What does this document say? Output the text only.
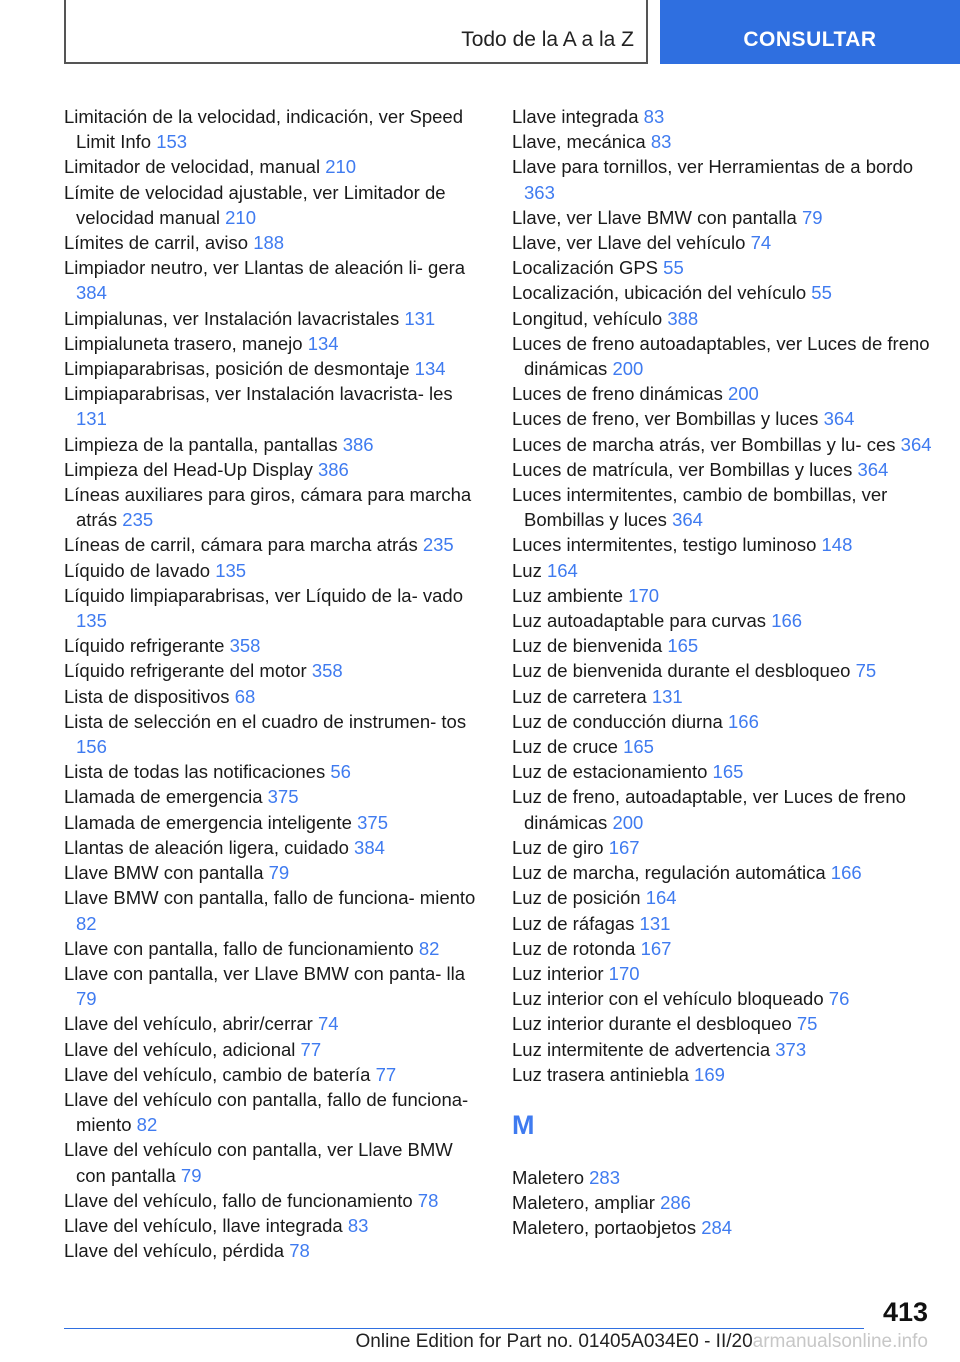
Todo de la A a la Z	CONSULTAR
Limitación de la velocidad, indicación, ver Speed Limit Info 153
Limitador de velocidad, manual 210
Límite de velocidad ajustable, ver Limitador de velocidad manual 210
Límites de carril, aviso 188
Limpiador neutro, ver Llantas de aleación li- gera 384
Limpialunas, ver Instalación lavacristales 131
Limpialuneta trasero, manejo 134
Limpiaparabrisas, posición de desmontaje 134
Limpiaparabrisas, ver Instalación lavacrista- les 131
Limpieza de la pantalla, pantallas 386
Limpieza del Head-Up Display 386
Líneas auxiliares para giros, cámara para marcha atrás 235
Líneas de carril, cámara para marcha atrás 235
Líquido de lavado 135
Líquido limpiaparabrisas, ver Líquido de la- vado 135
Líquido refrigerante 358
Líquido refrigerante del motor 358
Lista de dispositivos 68
Lista de selección en el cuadro de instrumen- tos 156
Lista de todas las notificaciones 56
Llamada de emergencia 375
Llamada de emergencia inteligente 375
Llantas de aleación ligera, cuidado 384
Llave BMW con pantalla 79
Llave BMW con pantalla, fallo de funciona- miento 82
Llave con pantalla, fallo de funcionamiento 82
Llave con pantalla, ver Llave BMW con panta- lla 79
Llave del vehículo, abrir/cerrar 74
Llave del vehículo, adicional 77
Llave del vehículo, cambio de batería 77
Llave del vehículo con pantalla, fallo de funciona- miento 82
Llave del vehículo con pantalla, ver Llave BMW con pantalla 79
Llave del vehículo, fallo de funcionamiento 78
Llave del vehículo, llave integrada 83
Llave del vehículo, pérdida 78
Llave integrada 83
Llave, mecánica 83
Llave para tornillos, ver Herramientas de a bordo 363
Llave, ver Llave BMW con pantalla 79
Llave, ver Llave del vehículo 74
Localización GPS 55
Localización, ubicación del vehículo 55
Longitud, vehículo 388
Luces de freno autoadaptables, ver Luces de freno dinámicas 200
Luces de freno dinámicas 200
Luces de freno, ver Bombillas y luces 364
Luces de marcha atrás, ver Bombillas y lu- ces 364
Luces de matrícula, ver Bombillas y luces 364
Luces intermitentes, cambio de bombillas, ver Bombillas y luces 364
Luces intermitentes, testigo luminoso 148
Luz 164
Luz ambiente 170
Luz autoadaptable para curvas 166
Luz de bienvenida 165
Luz de bienvenida durante el desbloqueo 75
Luz de carretera 131
Luz de conducción diurna 166
Luz de cruce 165
Luz de estacionamiento 165
Luz de freno, autoadaptable, ver Luces de freno dinámicas 200
Luz de giro 167
Luz de marcha, regulación automática 166
Luz de posición 164
Luz de ráfagas 131
Luz de rotonda 167
Luz interior 170
Luz interior con el vehículo bloqueado 76
Luz interior durante el desbloqueo 75
Luz intermitente de advertencia 373
Luz trasera antiniebla 169
M
Maletero 283
Maletero, ampliar 286
Maletero, portaobjetos 284
413
Online Edition for Part no. 01405A034E0 - II/20armanualsonline.info
